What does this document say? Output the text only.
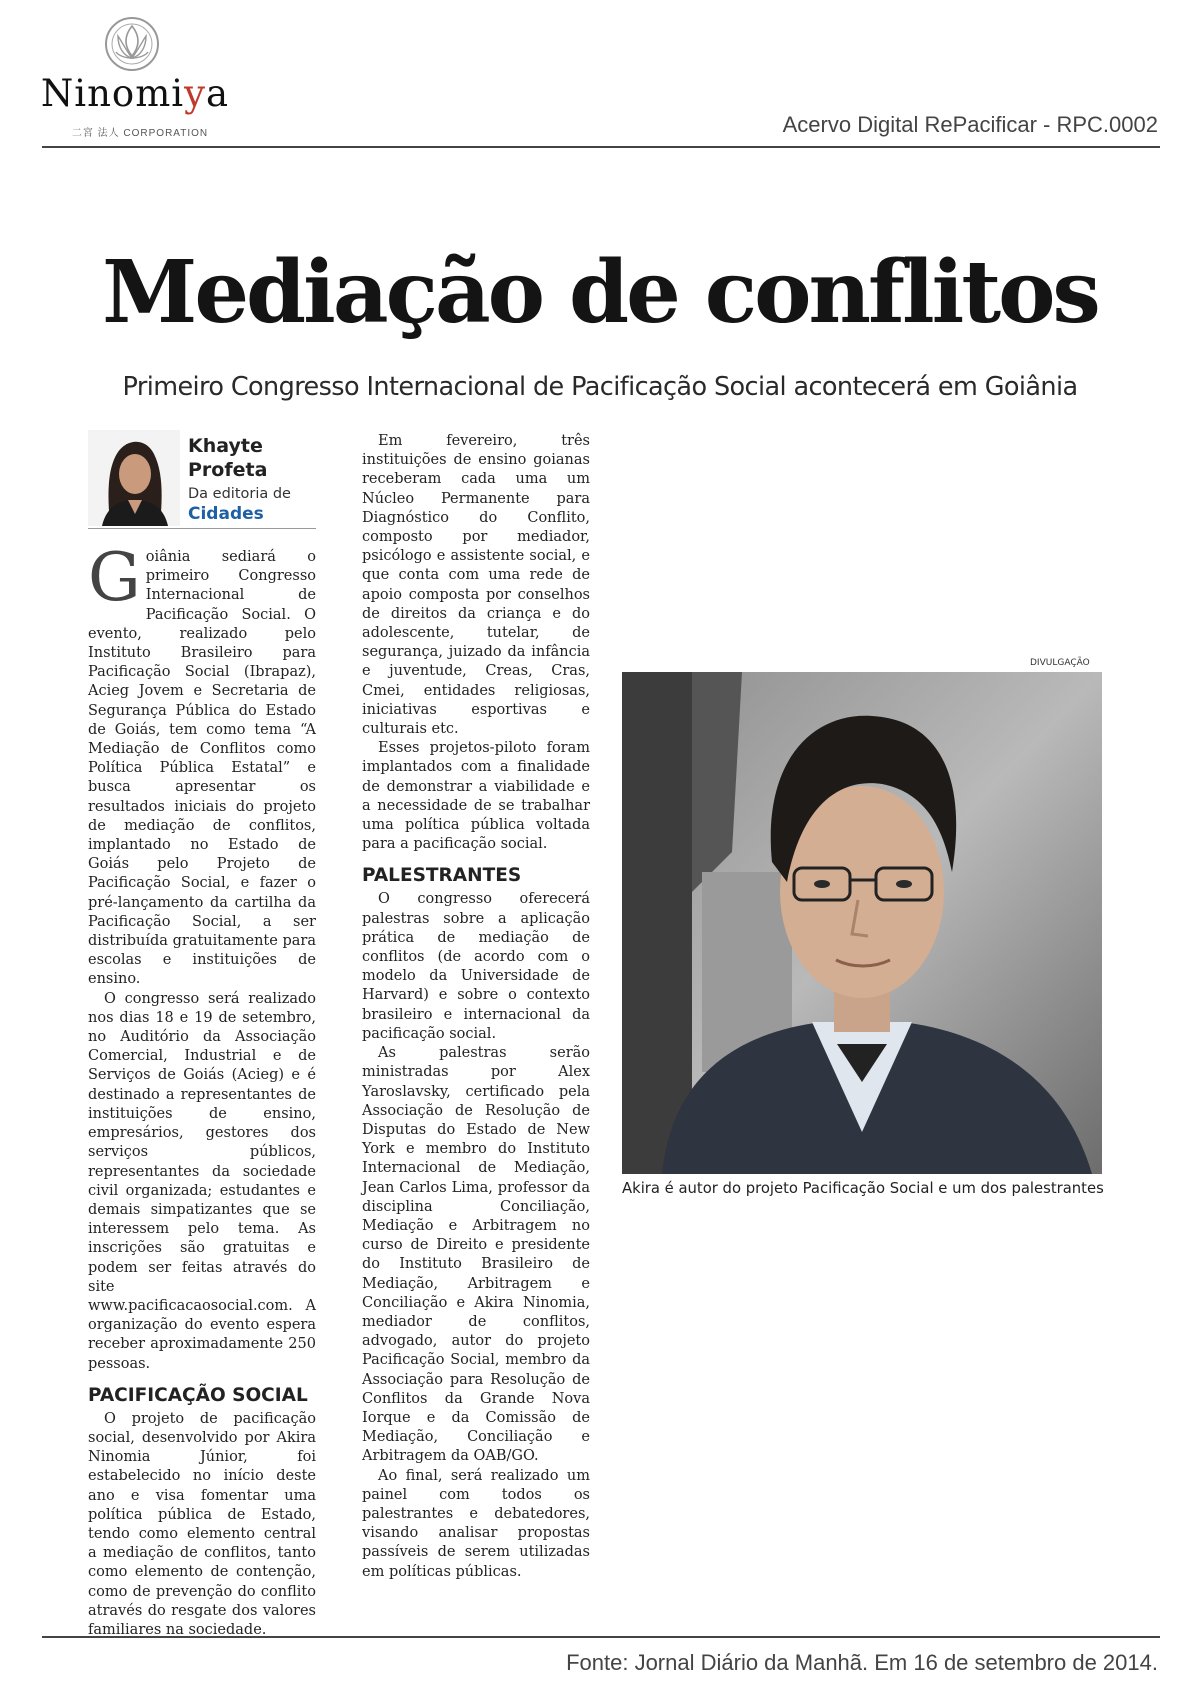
Ninomiya
二宮 法人 CORPORATION	Acervo Digital RePacificar - RPC.0002
Mediação de conflitos
Primeiro Congresso Internacional de Pacificação Social acontecerá em Goiânia
Khayte
Profeta
Da editoria de
Cidades

Goiânia sediará o primeiro Congresso Internacional de Pacificação Social. O evento, realizado pelo Instituto Brasileiro para Pacificação Social (Ibrapaz), Acieg Jovem e Secretaria de Segurança Pública do Estado de Goiás, tem como tema “A Mediação de Conflitos como Política Pública Estatal” e busca apresentar os resultados iniciais do projeto de mediação de conflitos, implantado no Estado de Goiás pelo Projeto de Pacificação Social, e fazer o pré-lançamento da cartilha da Pacificação Social, a ser distribuída gratuitamente para escolas e instituições de ensino.

O congresso será realizado nos dias 18 e 19 de setembro, no Auditório da Associação Comercial, Industrial e de Serviços de Goiás (Acieg) e é destinado a representantes de instituições de ensino, empresários, gestores dos serviços públicos, representantes da sociedade civil organizada; estudantes e demais simpatizantes que se interessem pelo tema. As inscrições são gratuitas e podem ser feitas através do site www.pacificacaosocial.com. A organização do evento espera receber aproximadamente 250 pessoas.

PACIFICAÇÃO SOCIAL

O projeto de pacificação social, desenvolvido por Akira Ninomia Júnior, foi estabelecido no início deste ano e visa fomentar uma política pública de Estado, tendo como elemento central a mediação de conflitos, tanto como elemento de contenção, como de prevenção do conflito através do resgate dos valores familiares na sociedade.

Em fevereiro, três instituições de ensino goianas receberam cada uma um Núcleo Permanente para Diagnóstico do Conflito, composto por mediador, psicólogo e assistente social, e que conta com uma rede de apoio composta por conselhos de direitos da criança e do adolescente, tutelar, de segurança, juizado da infância e juventude, Creas, Cras, Cmei, entidades religiosas, iniciativas esportivas e culturais etc.

Esses projetos-piloto foram implantados com a finalidade de demonstrar a viabilidade e a necessidade de se trabalhar uma política pública voltada para a pacificação social.

PALESTRANTES

O congresso oferecerá palestras sobre a aplicação prática de mediação de conflitos (de acordo com o modelo da Universidade de Harvard) e sobre o contexto brasileiro e internacional da pacificação social.

As palestras serão ministradas por Alex Yaroslavsky, certificado pela Associação de Resolução de Disputas do Estado de New York e membro do Instituto Internacional de Mediação, Jean Carlos Lima, professor da disciplina Conciliação, Mediação e Arbitragem no curso de Direito e presidente do Instituto Brasileiro de Mediação, Arbitragem e Conciliação e Akira Ninomia, mediador de conflitos, advogado, autor do projeto Pacificação Social, membro da Associação para Resolução de Conflitos da Grande Nova Iorque e da Comissão de Mediação, Conciliação e Arbitragem da OAB/GO.

Ao final, será realizado um painel com todos os palestrantes e debatedores, visando analisar propostas passíveis de serem utilizadas em políticas públicas.

DIVULGAÇÃO
Akira é autor do projeto Pacificação Social e um dos palestrantes
Fonte: Jornal Diário da Manhã. Em 16 de setembro de 2014.
